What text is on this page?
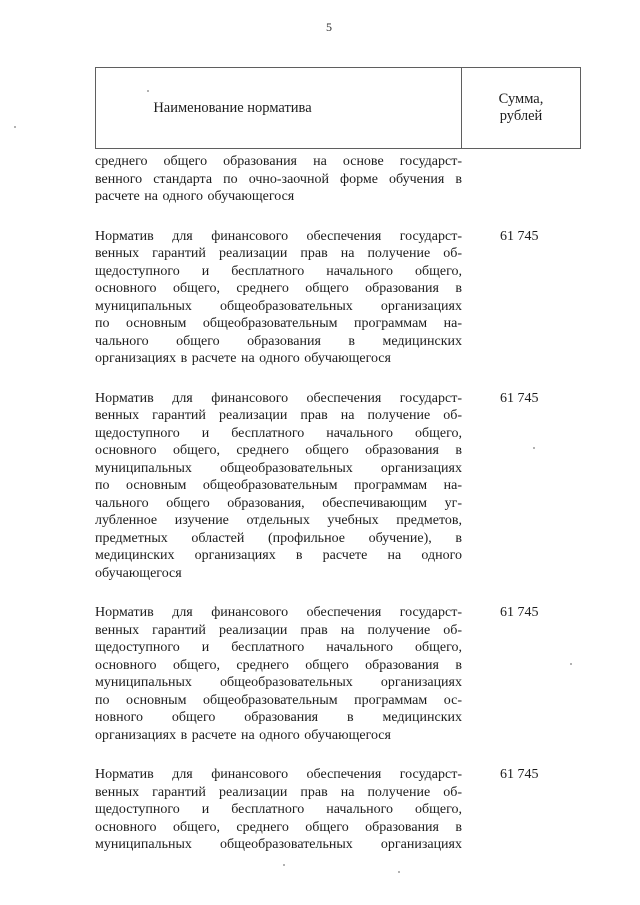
5
Наименование норматива
Сумма, рублей
среднего общего образования на основе государст-
венного стандарта по очно-заочной форме обучения в
расчете на одного обучающегося
Норматив для финансового обеспечения государст-
венных гарантий реализации прав на получение об-
щедоступного и бесплатного начального общего,
основного общего, среднего общего образования в
муниципальных общеобразовательных организациях
по основным общеобразовательным программам на-
чального общего образования в медицинских
организациях в расчете на одного обучающегося
61 745
Норматив для финансового обеспечения государст-
венных гарантий реализации прав на получение об-
щедоступного и бесплатного начального общего,
основного общего, среднего общего образования в
муниципальных общеобразовательных организациях
по основным общеобразовательным программам на-
чального общего образования, обеспечивающим уг-
лубленное изучение отдельных учебных предметов,
предметных областей (профильное обучение), в
медицинских организациях в расчете на одного
обучающегося
61 745
Норматив для финансового обеспечения государст-
венных гарантий реализации прав на получение об-
щедоступного и бесплатного начального общего,
основного общего, среднего общего образования в
муниципальных общеобразовательных организациях
по основным общеобразовательным программам ос-
новного общего образования в медицинских
организациях в расчете на одного обучающегося
61 745
Норматив для финансового обеспечения государст-
венных гарантий реализации прав на получение об-
щедоступного и бесплатного начального общего,
основного общего, среднего общего образования в
муниципальных общеобразовательных организациях
61 745
